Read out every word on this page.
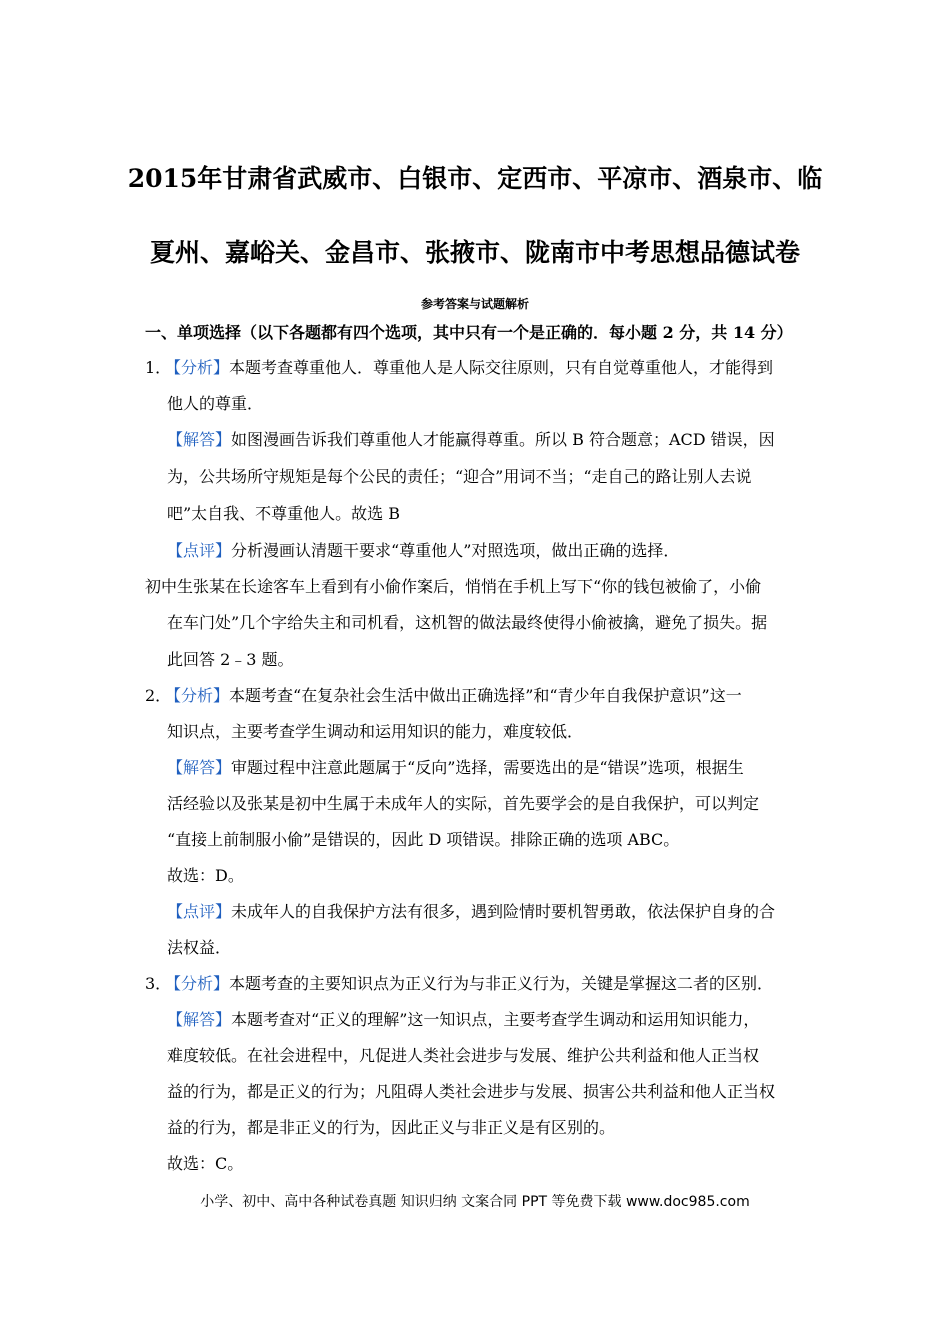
2015年甘肃省武威市、白银市、定西市、平凉市、酒泉市、临
夏州、嘉峪关、金昌市、张掖市、陇南市中考思想品德试卷
参考答案与试题解析
一、单项选择（以下各题都有四个选项，其中只有一个是正确的．每小题 2 分，共 14 分）
1．【分析】本题考查尊重他人．尊重他人是人际交往原则，只有自觉尊重他人，才能得到
他人的尊重．
【解答】如图漫画告诉我们尊重他人才能赢得尊重。所以 B 符合题意；ACD 错误，因
为，公共场所守规矩是每个公民的责任；“迎合”用词不当；“走自己的路让别人去说
吧”太自我、不尊重他人。故选 B
【点评】分析漫画认清题干要求“尊重他人”对照选项，做出正确的选择．
初中生张某在长途客车上看到有小偷作案后，悄悄在手机上写下“你的钱包被偷了，小偷
在车门处”几个字给失主和司机看，这机智的做法最终使得小偷被擒，避免了损失。据
此回答 2﹣3 题。
2．【分析】本题考查“在复杂社会生活中做出正确选择”和“青少年自我保护意识”这一
知识点，主要考查学生调动和运用知识的能力，难度较低．
【解答】审题过程中注意此题属于“反向”选择，需要选出的是“错误”选项，根据生
活经验以及张某是初中生属于未成年人的实际，首先要学会的是自我保护，可以判定
“直接上前制服小偷”是错误的，因此 D 项错误。排除正确的选项 ABC。
故选：D。
【点评】未成年人的自我保护方法有很多，遇到险情时要机智勇敢，依法保护自身的合
法权益．
3．【分析】本题考查的主要知识点为正义行为与非正义行为，关键是掌握这二者的区别．
【解答】本题考查对“正义的理解”这一知识点，主要考查学生调动和运用知识能力，
难度较低。在社会进程中，凡促进人类社会进步与发展、维护公共利益和他人正当权
益的行为，都是正义的行为；凡阻碍人类社会进步与发展、损害公共利益和他人正当权
益的行为，都是非正义的行为，因此正义与非正义是有区别的。
故选：C。
小学、初中、高中各种试卷真题 知识归纳 文案合同 PPT 等免费下载 www.doc985.com
